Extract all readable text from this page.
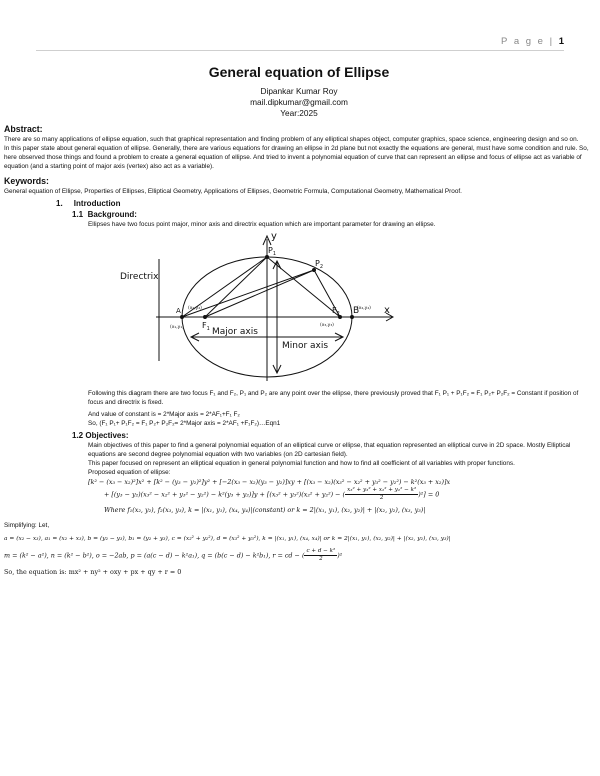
P a g e | 1
General equation of Ellipse
Dipankar Kumar Roy
mail.dipkumar@gmail.com
Year:2025
Abstract:
There are so many applications of ellipse equation, such that graphical representation and finding problem of any elliptical shapes object, computer graphics, space science, engineering design and so on.
In this paper state about general equation of ellipse. Generally, there are various equations for drawing an ellipse in 2d plane but not exactly the equations are general, must have some condition and rule. So, here observed those things and found a problem to create a general equation of ellipse. And tried to invent a polynomial equation of curve that can represent an ellipse and focus of ellipse act as variable of equation (and a starting point of major axis (vertex) also act as a variable).
Keywords:
General equation of Ellipse, Properties of Ellipses, Elliptical Geometry, Applications of Ellipses, Geometric Formula, Computational Geometry, Mathematical Proof.
1. Introduction
1.1 Background:
Ellipses have two focus point major, minor axis and directrix equation which are important parameter for drawing an ellipse.
y
x
Directrix
Major axis
Minor axis
$P_1$
$P_2$
$F_1$
$F_2$
A	B
(x₂,y₂)
(x₁,y₁)	(x₃,y₃)
(x₄,y₄)
Following this diagram there are two focus F₁ and F₂, P₁ and P₂ are any point over the ellipse, there previously proved that F₁ P₁ + P₁F₂ = F₁ P₂+ P₂F₂ = Constant if position of focus and directrix is fixed.
And value of constant is = 2*Major axis = 2*AF₁+F₁ F₂
So, (F₁ P₁+ P₁F₂ = F₁ P₂+ P₂F₂= 2*Major axis = 2*AF₁ +F₁F₂)…Eqn1
1.2 Objectives:
Main objectives of this paper to find a general polynomial equation of an elliptical curve or ellipse, that equation represented an elliptical curve in 2D space. Mostly Elliptical equations are second degree polynomial equation with two variables (on 2D cartesian field).
This paper focused on represent an elliptical equation in general polynomial function and how to find all coefficient of all variables with proper functions.
Proposed equation of ellipse:
[k² − (x₃ − x₂)²]x² + [k² − (y₃ − y₂)²]y² + [−2(x₃ − x₂)(y₃ − y₂)]xy + [(x₃ − x₂)(x₃² − x₂² + y₃² − y₂²) − k²(x₃ + x₂)]x
+ [(y₃ − y₂)(x₃² − x₂² + y₃² − y₂²) − k²(y₃ + y₂)]y + [(x₃² + y₃²)(x₂² + y₂²) − ( $\frac{\text{x₃² + y₃² + x₂² + y₂² − k²}}{2} )^2] = 0$
Where f₁(x₂, y₂), f₂(x₃, y₃), k = |(x₁, y₁), (x₄, y₄)|(constant) or k = 2|(x₁, y₁), (x₂, y₂)| + |(x₂, y₂), (x₃, y₃)|
Simplifying: Let,
a = (x₂ − x₃), a₁ = (x₂ + x₃), b = (y₂ − y₃), b₁ = (y₂ + y₃), c = (x₂² + y₂²), d = (x₃² + y₃²), k = |(x₁, y₁), (x₄, x₄)| or k = 2|(x₁, y₁), (x₂, y₂)| + |(x₂, y₂), (x₃, y₃)|
m = (k² − a²), n = (k² − b²), o = −2ab, p = (a(c − d) − k²a₁), q = (b(c − d) − k²b₁), r = cd − ( $\frac{\text{c + d − k²}}{2} )^2$
So, the equation is: mx² + ny² + oxy + px + qy + r = 0
